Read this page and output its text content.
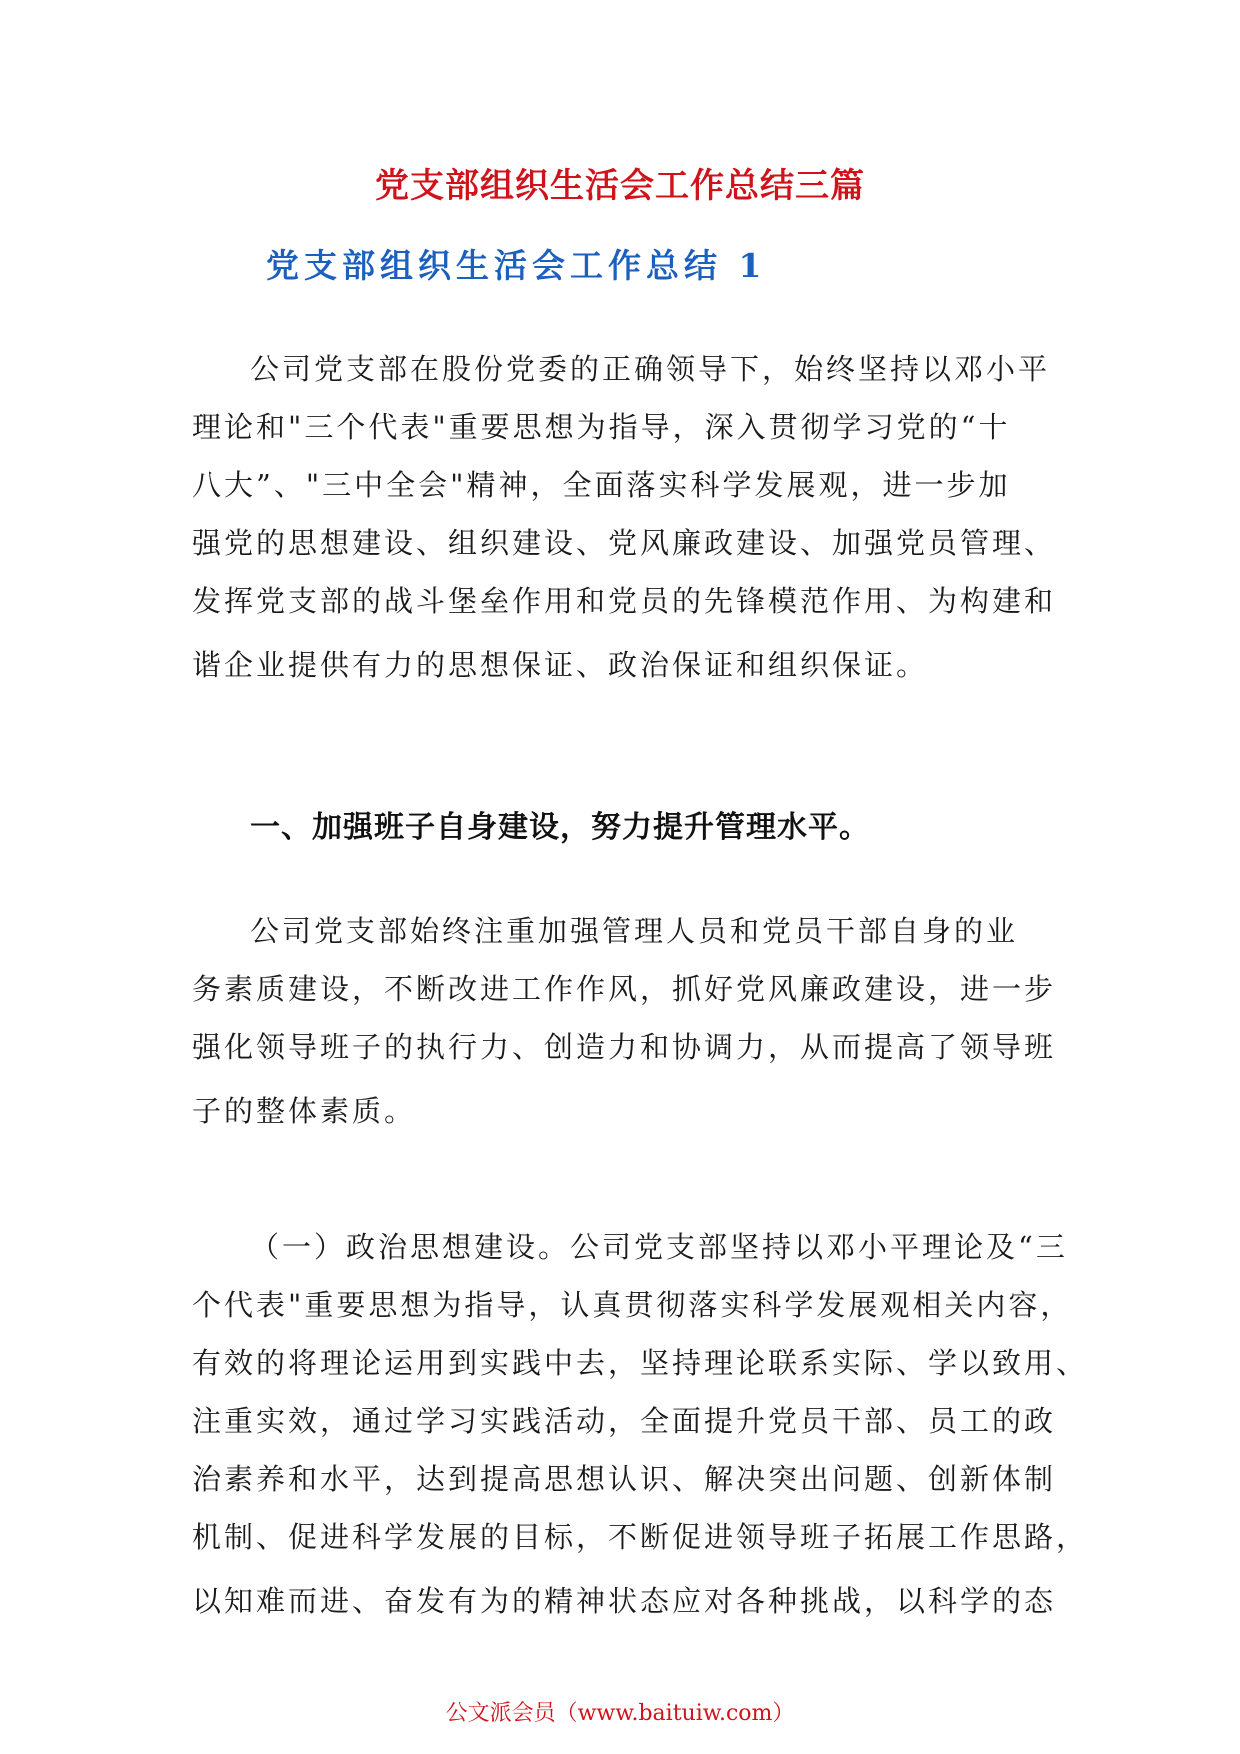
党支部组织生活会工作总结三篇
党支部组织生活会工作总结 1
公司党支部在股份党委的正确领导下，始终坚持以邓小平
理论和"三个代表"重要思想为指导，深入贯彻学习党的“十
八大”、"三中全会"精神，全面落实科学发展观，进一步加
强党的思想建设、组织建设、党风廉政建设、加强党员管理、
发挥党支部的战斗堡垒作用和党员的先锋模范作用、为构建和
谐企业提供有力的思想保证、政治保证和组织保证。
一、加强班子自身建设，努力提升管理水平。
公司党支部始终注重加强管理人员和党员干部自身的业
务素质建设，不断改进工作作风，抓好党风廉政建设，进一步
强化领导班子的执行力、创造力和协调力，从而提高了领导班
子的整体素质。
（一）政治思想建设。公司党支部坚持以邓小平理论及“三
个代表"重要思想为指导，认真贯彻落实科学发展观相关内容，
有效的将理论运用到实践中去，坚持理论联系实际、学以致用、
注重实效，通过学习实践活动，全面提升党员干部、员工的政
治素养和水平，达到提高思想认识、解决突出问题、创新体制
机制、促进科学发展的目标，不断促进领导班子拓展工作思路，
以知难而进、奋发有为的精神状态应对各种挑战，以科学的态

公文派会员（www.baituiw.com）
